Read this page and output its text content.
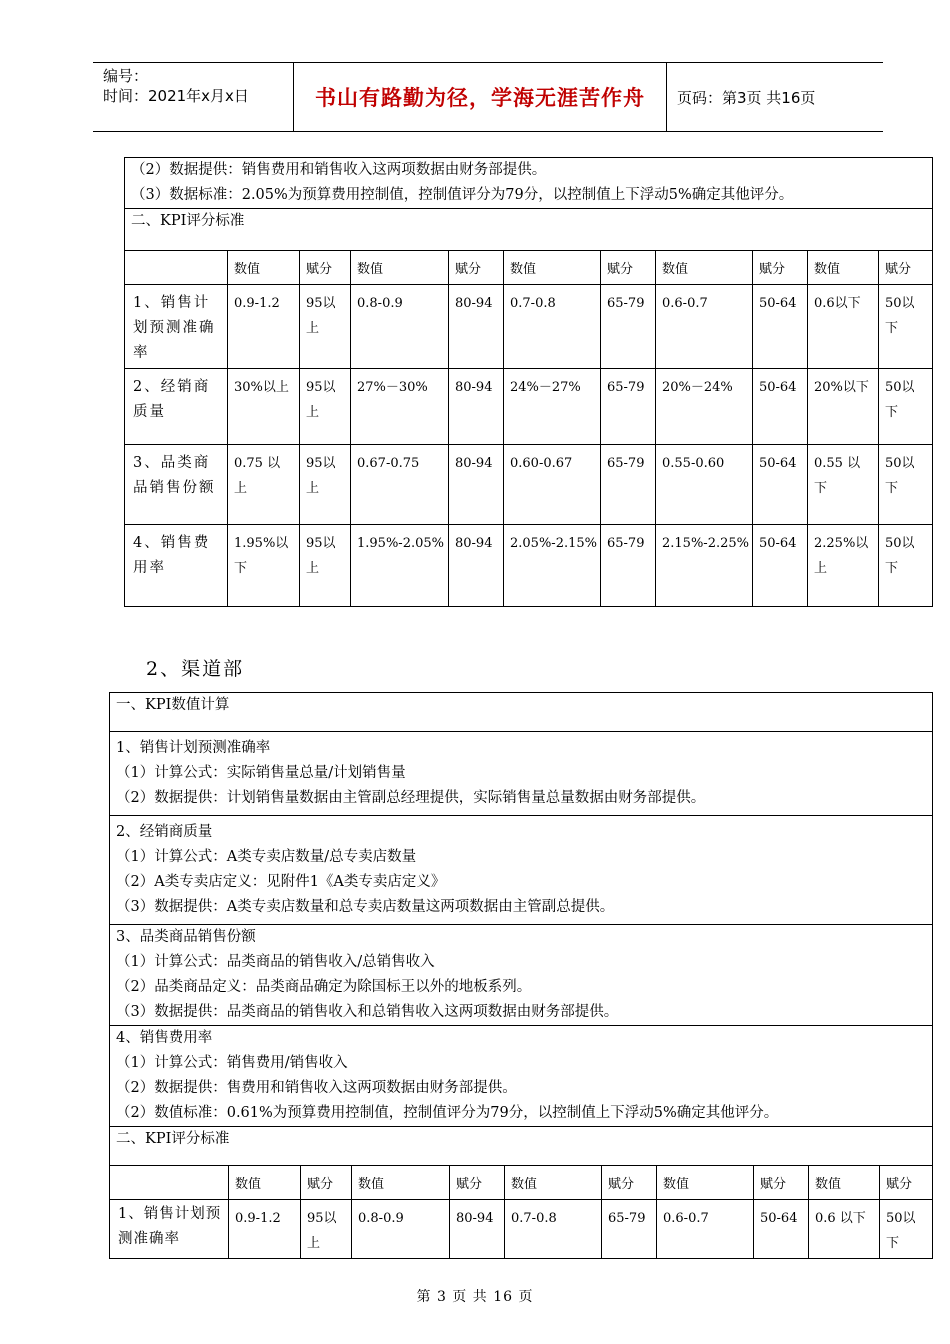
编号：
时间：2021年x月x日	书山有路勤为径，学海无涯苦作舟 页码：第3页 共16页
（2）数据提供：销售费用和销售收入这两项数据由财务部提供。
（3）数据标准：2.05%为预算费用控制值，控制值评分为79分，以控制值上下浮动5%确定其他评分。										

二、KPI评分标准										

	数值	赋分	数值	赋分	数值	赋分	数值	赋分	数值	赋分
1、销售计划预测准确率	0.9-1.2	95以上	0.8-0.9	80-94	0.7-0.8	65-79	0.6-0.7	50-64	0.6以下	50以下
2、经销商质量	30%以上	95以上	27%－30%	80-94	24%－27%	65-79	20%－24%	50-64	20%以下	50以下
3、品类商品销售份额	0.75 以上	95以上	0.67-0.75	80-94	0.60-0.67	65-79	0.55-0.60	50-64	0.55 以下	50以下
4、销售费用率	1.95%以下	95以上	1.95%-2.05%	80-94	2.05%-2.15%	65-79	2.15%-2.25%	50-64	2.25%以上	50以下
2、渠道部
一、KPI数值计算										

1、销售计划预测准确率
（1）计算公式：实际销售量总量/计划销售量
（2）数据提供：计划销售量数据由主管副总经理提供，实际销售量总量数据由财务部提供。										

2、经销商质量
（1）计算公式：A类专卖店数量/总专卖店数量
（2）A类专卖店定义：见附件1《A类专卖店定义》
（3）数据提供：A类专卖店数量和总专卖店数量这两项数据由主管副总提供。										

3、品类商品销售份额
（1）计算公式：品类商品的销售收入/总销售收入
（2）品类商品定义：品类商品确定为除国标王以外的地板系列。
（3）数据提供：品类商品的销售收入和总销售收入这两项数据由财务部提供。										

4、销售费用率
（1）计算公式：销售费用/销售收入
（2）数据提供：售费用和销售收入这两项数据由财务部提供。
（2）数值标准：0.61%为预算费用控制值，控制值评分为79分，以控制值上下浮动5%确定其他评分。										

二、KPI评分标准										

	数值	赋分	数值	赋分	数值	赋分	数值	赋分	数值	赋分
1、销售计划预测准确率	0.9-1.2	95以上	0.8-0.9	80-94	0.7-0.8	65-79	0.6-0.7	50-64	0.6 以下	50以下
第 3 页 共 16 页
